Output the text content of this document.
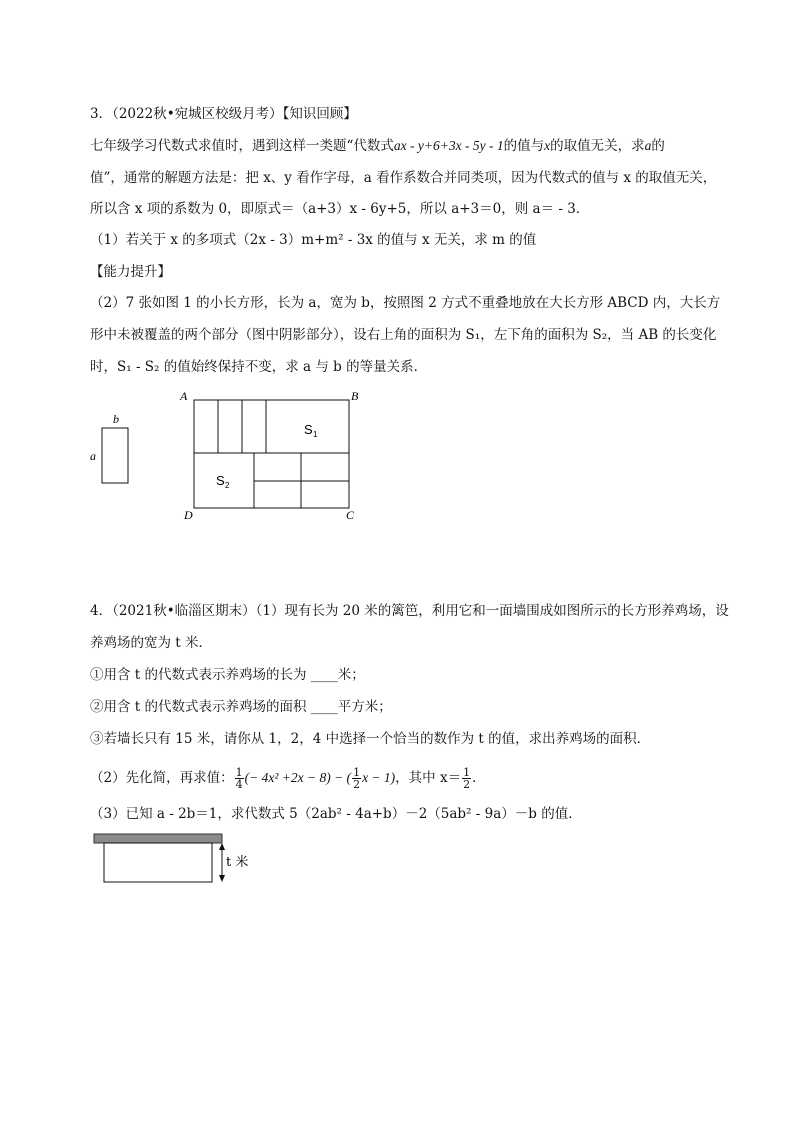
3．（2022秋•宛城区校级月考）【知识回顾】
七年级学习代数式求值时，遇到这样一类题“代数式ax - y+6+3x - 5y - 1的值与x的取值无关，求a的
值”，通常的解题方法是：把 x、y 看作字母，a 看作系数合并同类项，因为代数式的值与 x 的取值无关，
所以含 x 项的系数为 0，即原式＝（a+3）x - 6y+5，所以 a+3＝0，则 a＝ - 3．
（1）若关于 x 的多项式（2x - 3）m+m² - 3x 的值与 x 无关，求 m 的值
【能力提升】
（2）7 张如图 1 的小长方形，长为 a，宽为 b，按照图 2 方式不重叠地放在大长方形 ABCD 内，大长方
形中未被覆盖的两个部分（图中阴影部分），设右上角的面积为 S₁，左下角的面积为 S₂，当 AB 的长变化
时，S₁ - S₂ 的值始终保持不变，求 a 与 b 的等量关系．
b
a
A	B
D	C
S 1
S 2
4．（2021秋•临淄区期末）（1）现有长为 20 米的篱笆，利用它和一面墙围成如图所示的长方形养鸡场，设
养鸡场的宽为 t 米．
①用含 t 的代数式表示养鸡场的长为 ____米；
②用含 t 的代数式表示养鸡场的面积 ____平方米；
③若墙长只有 15 米，请你从 1，2，4 中选择一个恰当的数作为 t 的值，求出养鸡场的面积．
（2）先化简，再求值： $\frac{1}{4}$ (− 4x² +2x − 8) − ( $\frac{1}{2}$ x − 1)，其中 $x= \frac{1}{2}$ ．
（3）已知 a - 2b＝1，求代数式 5（2ab² - 4a+b）－2（5ab² - 9a）－b 的值．
t 米
